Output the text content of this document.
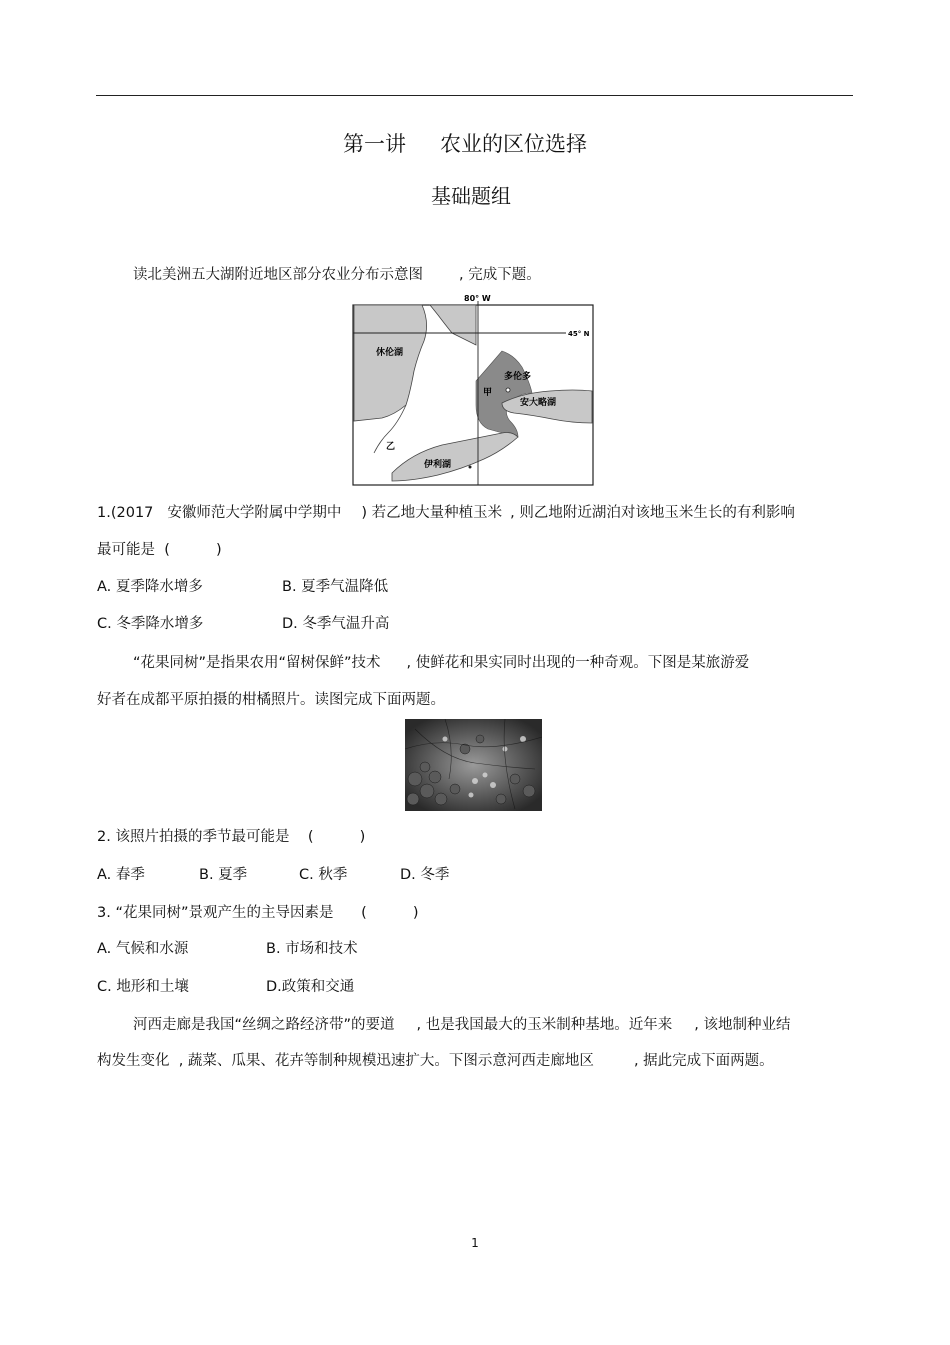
第一讲 农业的区位选择
基础题组
读北美洲五大湖附近地区部分农业分布示意图 , 完成下题。
80° W
45° N
休伦湖
多伦多
甲
安大略湖
乙
伊利湖
1.(2017 安徽师范大学附属中学期中 ) 若乙地大量种植玉米 , 则乙地附近湖泊对该地玉米生长的有利影响
最可能是  (          )
A. 夏季降水增多	B. 夏季气温降低
C. 冬季降水增多	D. 冬季气温升高
“花果同树”是指果农用“留树保鲜”技术 , 使鲜花和果实同时出现的一种奇观。下图是某旅游爱
好者在成都平原拍摄的柑橘照片。读图完成下面两题。
2. 该照片拍摄的季节最可能是    (          )
A. 春季	B. 夏季	C. 秋季	D. 冬季
3. “花果同树”景观产生的主导因素是      (          )
A. 气候和水源	B. 市场和技术
C. 地形和土壤	D.政策和交通
河西走廊是我国“丝绸之路经济带”的要道 , 也是我国最大的玉米制种基地。近年来 , 该地制种业结
构发生变化  , 蔬菜、瓜果、花卉等制种规模迅速扩大。下图示意河西走廊地区	, 据此完成下面两题。
1
